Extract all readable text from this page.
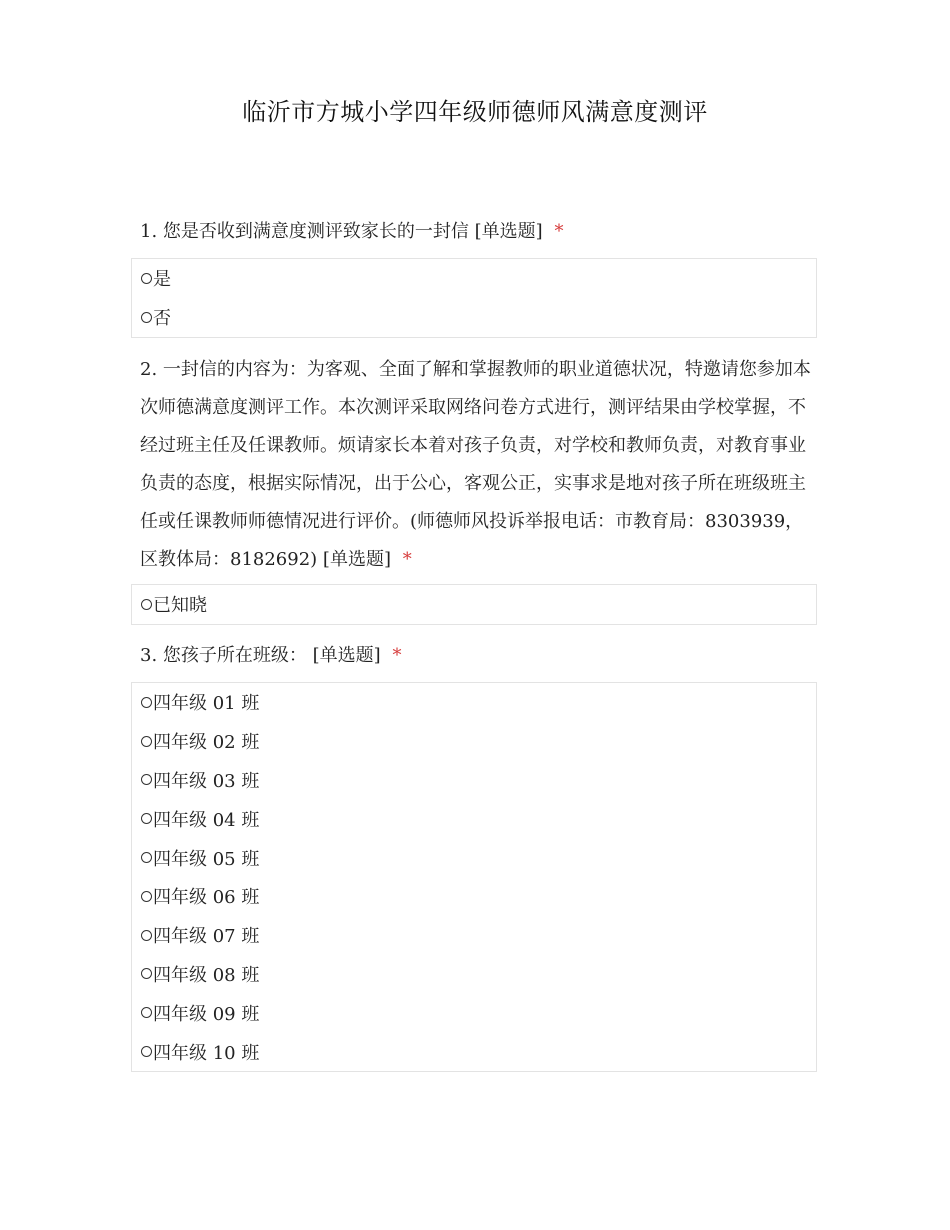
临沂市方城小学四年级师德师风满意度测评
1. 您是否收到满意度测评致家长的一封信 [单选题] *
是
否
2. 一封信的内容为：为客观、全面了解和掌握教师的职业道德状况，特邀请您参加本次师德满意度测评工作。本次测评采取网络问卷方式进行，测评结果由学校掌握，不经过班主任及任课教师。烦请家长本着对孩子负责，对学校和教师负责，对教育事业负责的态度，根据实际情况，出于公心，客观公正，实事求是地对孩子所在班级班主任或任课教师师德情况进行评价。(师德师风投诉举报电话：市教育局：8303939，区教体局：8182692) [单选题] *
已知晓
3. 您孩子所在班级： [单选题] *
四年级 01 班
四年级 02 班
四年级 03 班
四年级 04 班
四年级 05 班
四年级 06 班
四年级 07 班
四年级 08 班
四年级 09 班
四年级 10 班
